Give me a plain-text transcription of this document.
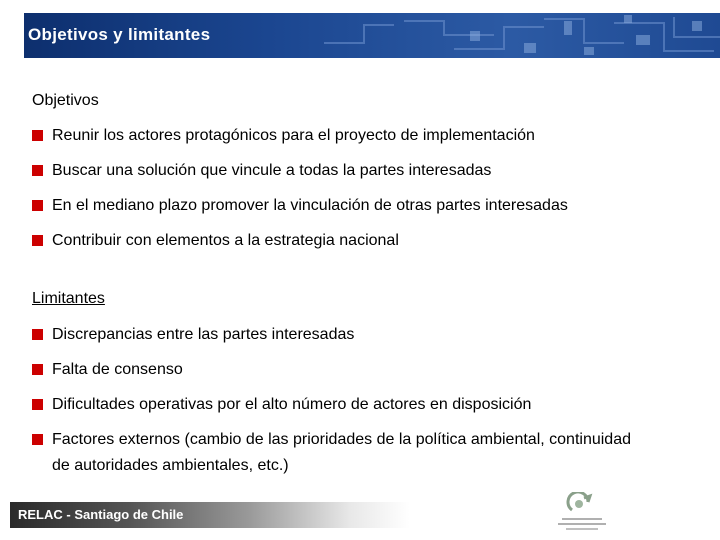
Objetivos y limitantes
Objetivos
Reunir los actores protagónicos para el proyecto de implementación
Buscar una solución que vincule a todas la partes interesadas
En el mediano plazo promover la vinculación de otras partes interesadas
Contribuir con elementos a la estrategia nacional
Limitantes
Discrepancias entre las partes interesadas
Falta de consenso
Dificultades operativas por el alto número de actores en disposición
Factores externos (cambio de las prioridades de la política ambiental, continuidad de autoridades ambientales, etc.)
RELAC - Santiago de Chile
